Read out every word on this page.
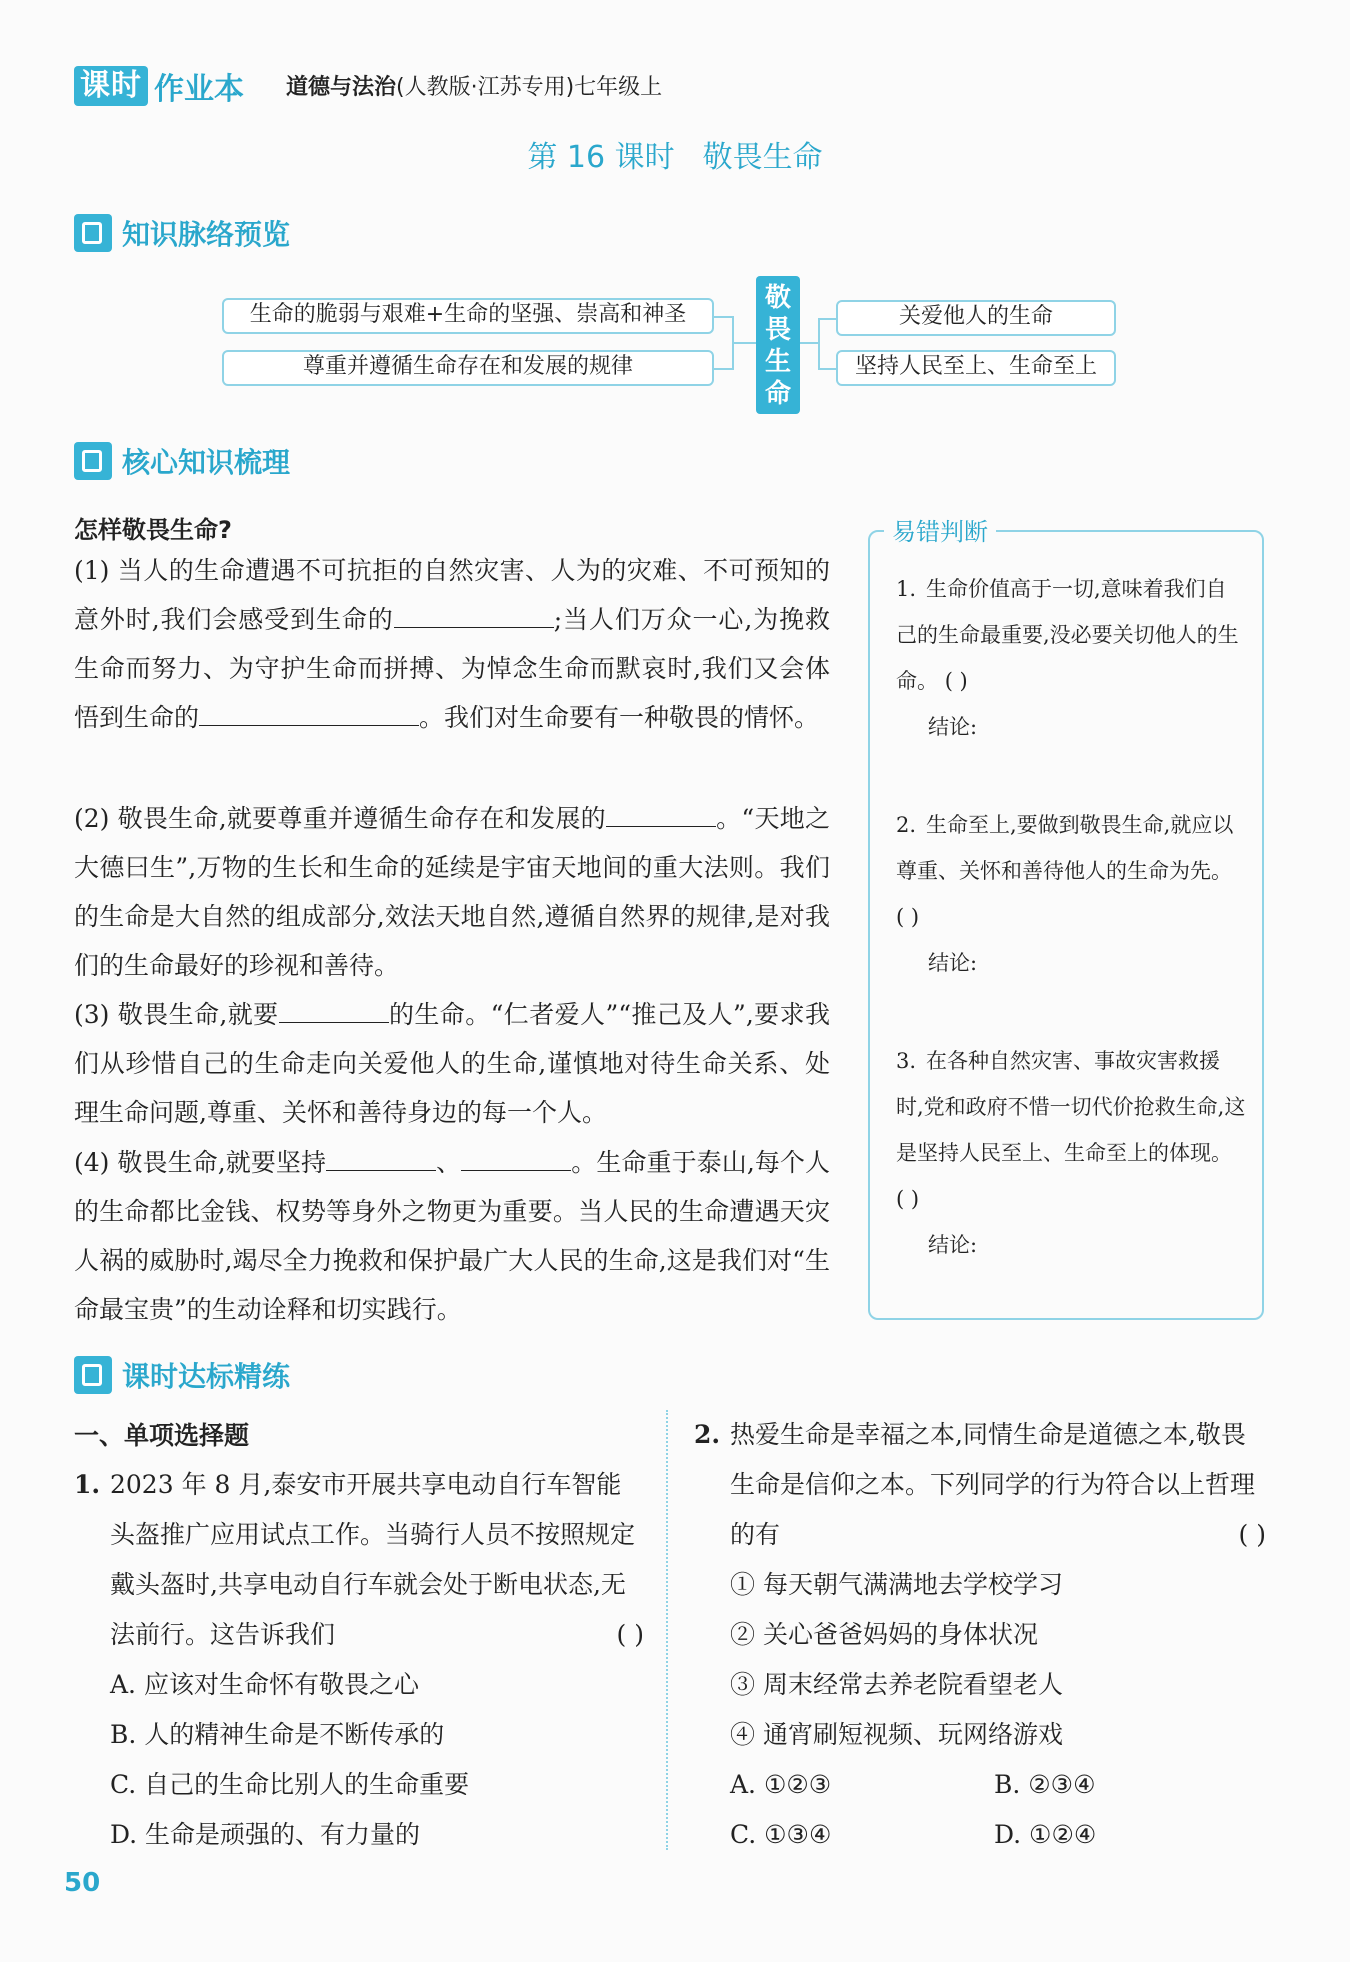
课时 作业本 道德与法治(人教版·江苏专用)七年级上
第 16 课时 敬畏生命
知识脉络预览
生命的脆弱与艰难+生命的坚强、崇高和神圣
尊重并遵循生命存在和发展的规律
敬畏生命
关爱他人的生命
坚持人民至上、生命至上
核心知识梳理
怎样敬畏生命?
(1) 当人的生命遭遇不可抗拒的自然灾害、人为的灾难、不可预知的意外时,我们会感受到生命的	;当人们万众一心,为挽救生命而努力、为守护生命而拼搏、为悼念生命而默哀时,我们又会体悟到生命的	。我们对生命要有一种敬畏的情怀。
(2) 敬畏生命,就要尊重并遵循生命存在和发展的	。“天地之大德曰生”,万物的生长和生命的延续是宇宙天地间的重大法则。我们的生命是大自然的组成部分,效法天地自然,遵循自然界的规律,是对我们的生命最好的珍视和善待。
(3) 敬畏生命,就要	的生命。“仁者爱人”“推己及人”,要求我们从珍惜自己的生命走向关爱他人的生命,谨慎地对待生命关系、处理生命问题,尊重、关怀和善待身边的每一个人。
(4) 敬畏生命,就要坚持	、	。生命重于泰山,每个人的生命都比金钱、权势等身外之物更为重要。当人民的生命遭遇天灾人祸的威胁时,竭尽全力挽救和保护最广大人民的生命,这是我们对“生命最宝贵”的生动诠释和切实践行。
易错判断
1. 生命价值高于一切,意味着我们自己的生命最重要,没必要关切他人的生命。 ( )
结论:
2. 生命至上,要做到敬畏生命,就应以尊重、关怀和善待他人的生命为先。 ( )
结论:
3. 在各种自然灾害、事故灾害救援时,党和政府不惜一切代价抢救生命,这是坚持人民至上、生命至上的体现。 ( )
结论:
课时达标精练
一、单项选择题
1. 2023 年 8 月,泰安市开展共享电动自行车智能头盔推广应用试点工作。当骑行人员不按照规定戴头盔时,共享电动自行车就会处于断电状态,无法前行。这告诉我们	( )
A. 应该对生命怀有敬畏之心
B. 人的精神生命是不断传承的
C. 自己的生命比别人的生命重要
D. 生命是顽强的、有力量的
2. 热爱生命是幸福之本,同情生命是道德之本,敬畏生命是信仰之本。下列同学的行为符合以上哲理的有	( )
① 每天朝气满满地去学校学习
② 关心爸爸妈妈的身体状况
③ 周末经常去养老院看望老人
④ 通宵刷短视频、玩网络游戏
A. ①②③	B. ②③④
C. ①③④	D. ①②④
50
